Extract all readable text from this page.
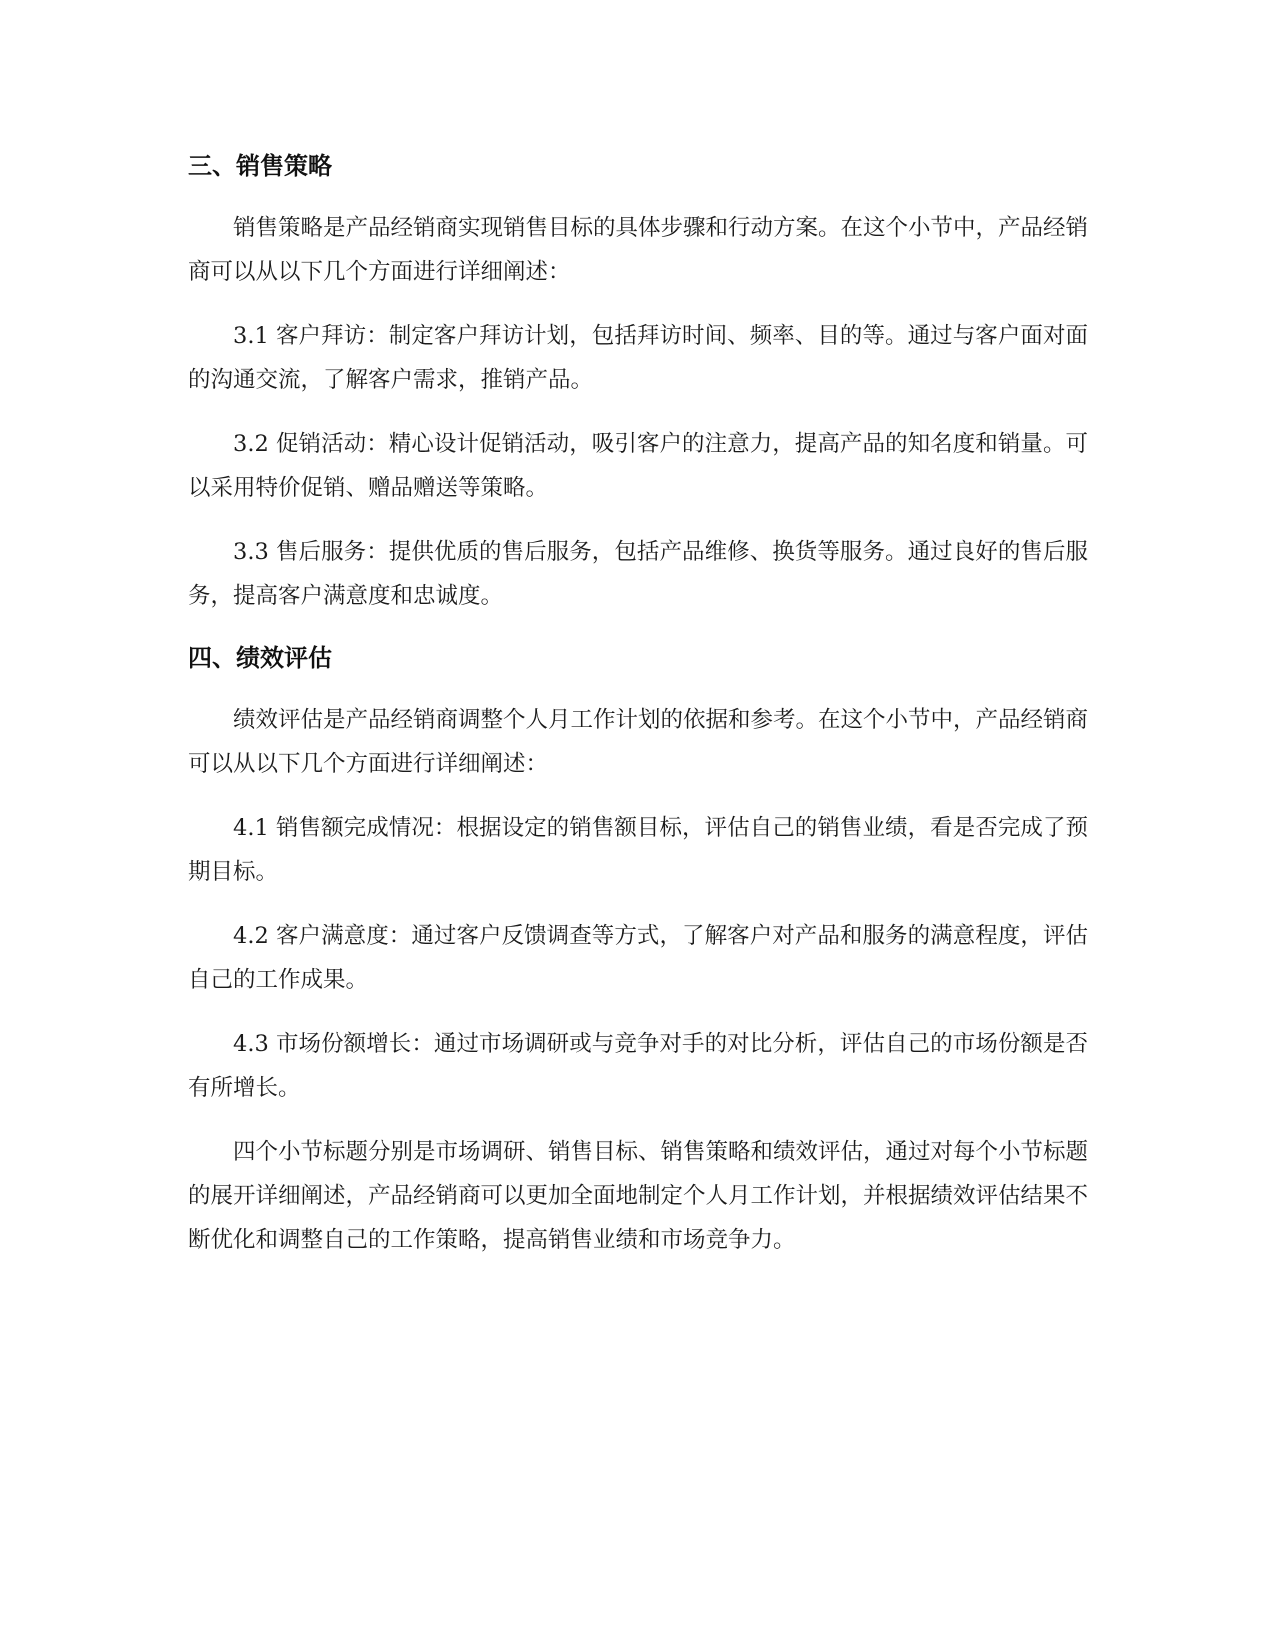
三、销售策略

销售策略是产品经销商实现销售目标的具体步骤和行动方案。在这个小节中，产品经销商可以从以下几个方面进行详细阐述：

3.1 客户拜访：制定客户拜访计划，包括拜访时间、频率、目的等。通过与客户面对面的沟通交流，了解客户需求，推销产品。

3.2 促销活动：精心设计促销活动，吸引客户的注意力，提高产品的知名度和销量。可以采用特价促销、赠品赠送等策略。

3.3 售后服务：提供优质的售后服务，包括产品维修、换货等服务。通过良好的售后服务，提高客户满意度和忠诚度。

四、绩效评估

绩效评估是产品经销商调整个人月工作计划的依据和参考。在这个小节中，产品经销商可以从以下几个方面进行详细阐述：

4.1 销售额完成情况：根据设定的销售额目标，评估自己的销售业绩，看是否完成了预期目标。

4.2 客户满意度：通过客户反馈调查等方式，了解客户对产品和服务的满意程度，评估自己的工作成果。

4.3 市场份额增长：通过市场调研或与竞争对手的对比分析，评估自己的市场份额是否有所增长。

四个小节标题分别是市场调研、销售目标、销售策略和绩效评估，通过对每个小节标题的展开详细阐述，产品经销商可以更加全面地制定个人月工作计划，并根据绩效评估结果不断优化和调整自己的工作策略，提高销售业绩和市场竞争力。
